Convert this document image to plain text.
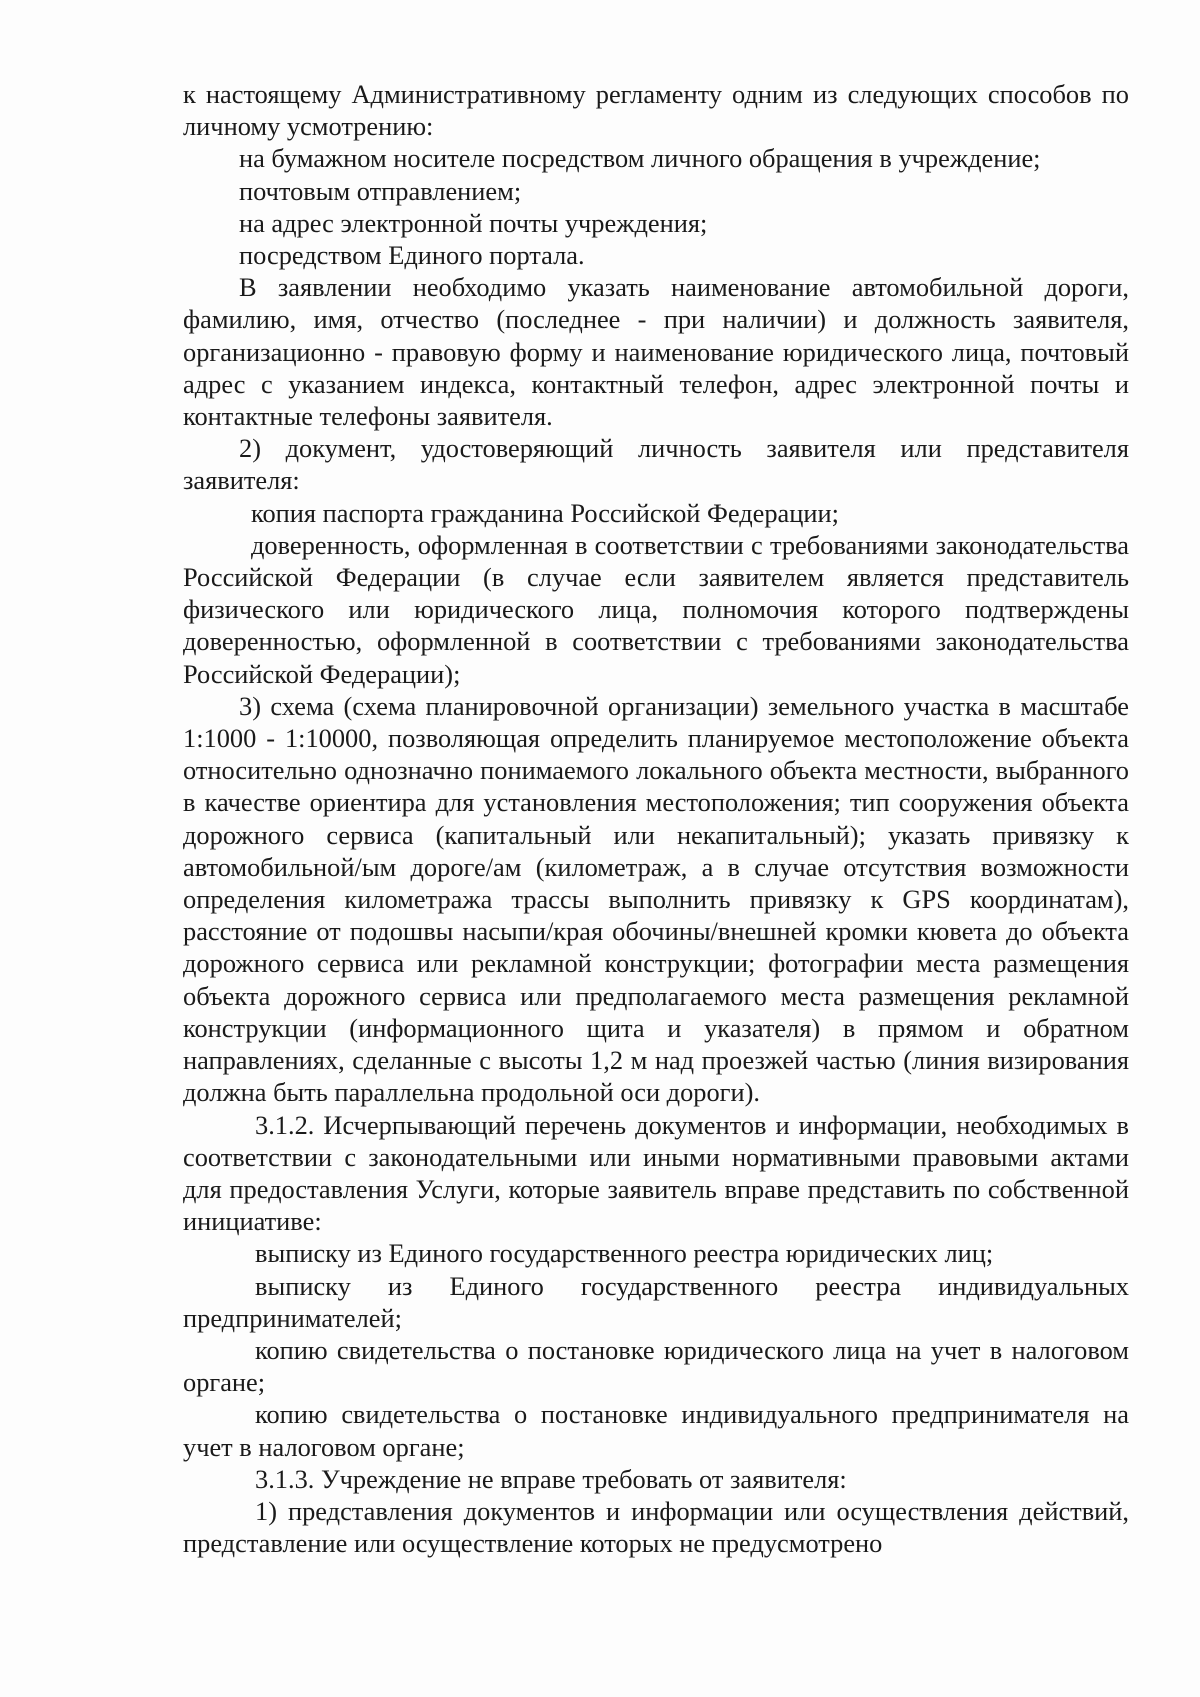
к настоящему Административному регламенту одним из следующих способов по личному усмотрению:

на бумажном носителе посредством личного обращения в учреждение;

почтовым отправлением;

на адрес электронной почты учреждения;

посредством Единого портала.

В заявлении необходимо указать наименование автомобильной дороги, фамилию, имя, отчество (последнее - при наличии) и должность заявителя, организационно - правовую форму и наименование юридического лица, почтовый адрес с указанием индекса, контактный телефон, адрес электронной почты и контактные телефоны заявителя.

2) документ, удостоверяющий личность заявителя или представителя заявителя:

копия паспорта гражданина Российской Федерации;

доверенность, оформленная в соответствии с требованиями законодательства Российской Федерации (в случае если заявителем является представитель физического или юридического лица, полномочия которого подтверждены доверенностью, оформленной в соответствии с требованиями законодательства Российской Федерации);

3) схема (схема планировочной организации) земельного участка в масштабе 1:1000 - 1:10000, позволяющая определить планируемое местоположение объекта относительно однозначно понимаемого локального объекта местности, выбранного в качестве ориентира для установления местоположения; тип сооружения объекта дорожного сервиса (капитальный или некапитальный); указать привязку к автомобильной/ым дороге/ам (километраж, а в случае отсутствия возможности определения километража трассы выполнить привязку к GPS координатам), расстояние от подошвы насыпи/края обочины/внешней кромки кювета до объекта дорожного сервиса или рекламной конструкции; фотографии места размещения объекта дорожного сервиса или предполагаемого места размещения рекламной конструкции (информационного щита и указателя) в прямом и обратном направлениях, сделанные с высоты 1,2 м над проезжей частью (линия визирования должна быть параллельна продольной оси дороги).

3.1.2. Исчерпывающий перечень документов и информации, необходимых в соответствии с законодательными или иными нормативными правовыми актами для предоставления Услуги, которые заявитель вправе представить по собственной инициативе:

выписку из Единого государственного реестра юридических лиц;

выписку из Единого государственного реестра индивидуальных предпринимателей;

копию свидетельства о постановке юридического лица на учет в налоговом органе;

копию свидетельства о постановке индивидуального предпринимателя на учет в налоговом органе;

3.1.3. Учреждение не вправе требовать от заявителя:

1) представления документов и информации или осуществления действий, представление или осуществление которых не предусмотрено
